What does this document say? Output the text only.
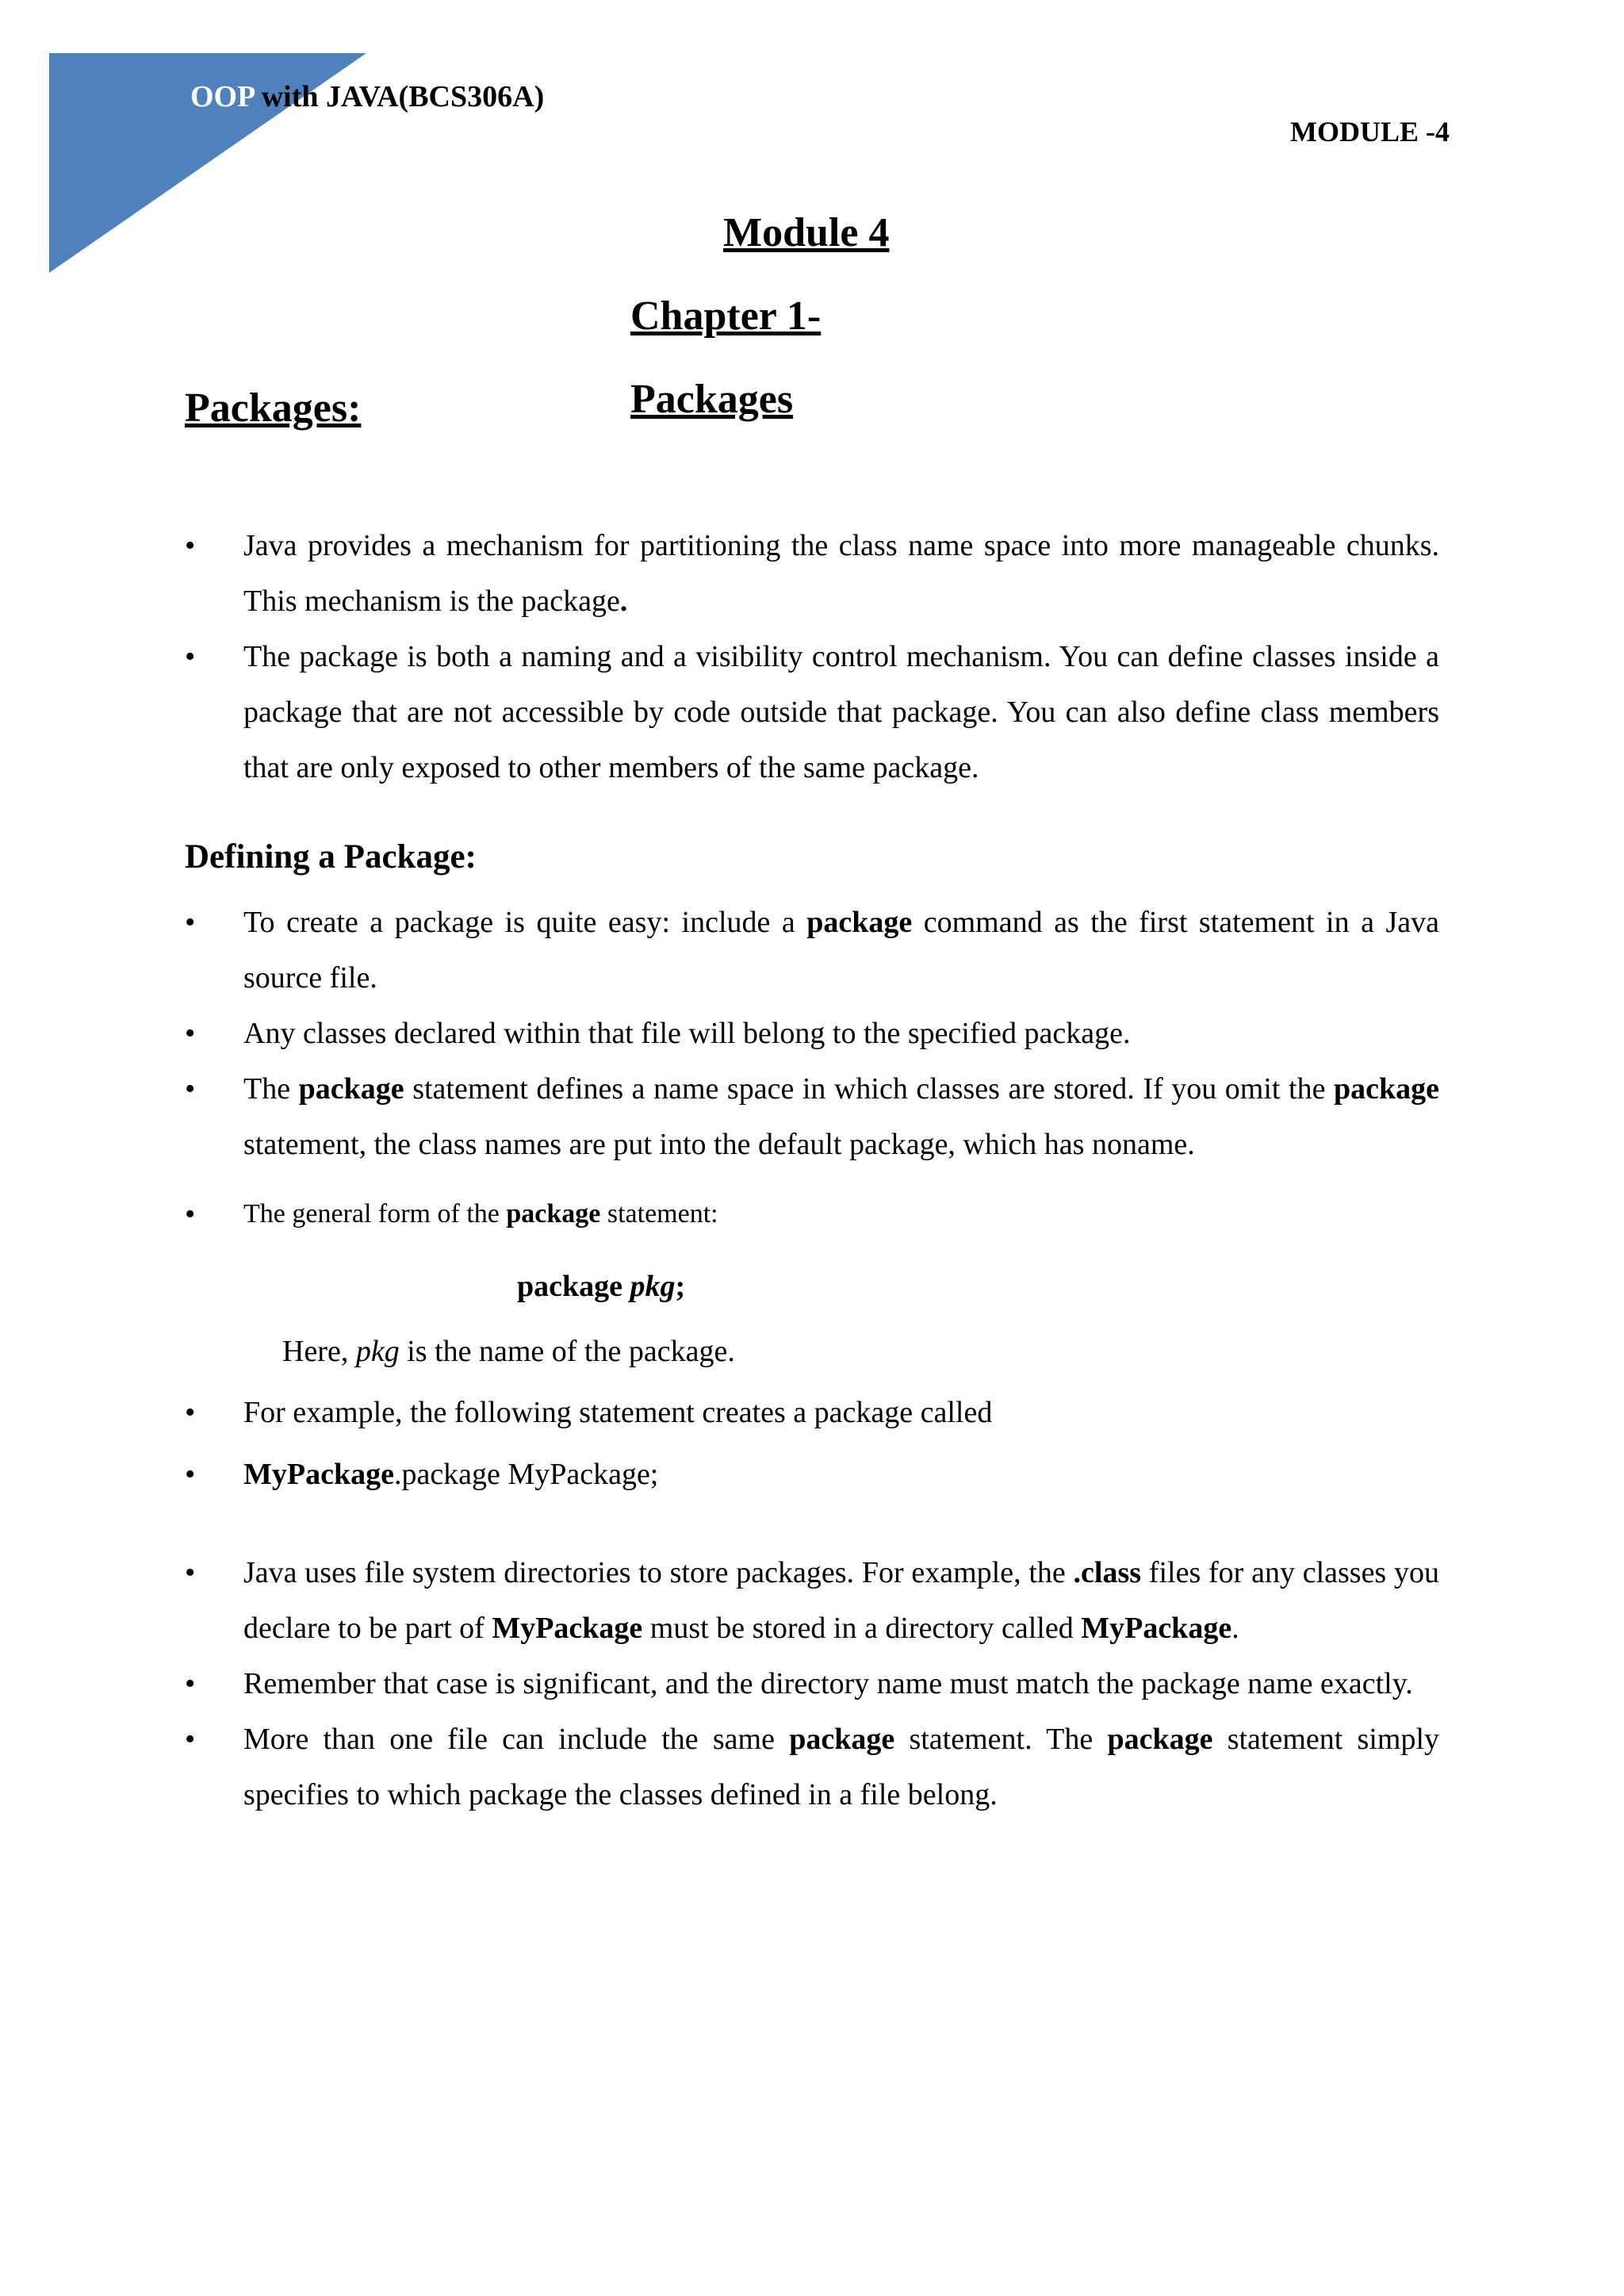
OOP with JAVA(BCS306A)
MODULE -4
Module 4
Chapter 1-
Packages
Packages:
• Java provides a mechanism for partitioning the class name space into more manageable chunks. This mechanism is the package.
• The package is both a naming and a visibility control mechanism. You can define classes inside a package that are not accessible by code outside that package. You can also define class members that are only exposed to other members of the same package.
Defining a Package:
• To create a package is quite easy: include a package command as the first statement in a Java source file.
• Any classes declared within that file will belong to the specified package.
• The package statement defines a name space in which classes are stored. If you omit the package statement, the class names are put into the default package, which has noname.
• The general form of the package statement:
package pkg;
Here, pkg is the name of the package.
• For example, the following statement creates a package called
• MyPackage.package MyPackage;
• Java uses file system directories to store packages. For example, the .class files for any classes you declare to be part of MyPackage must be stored in a directory called MyPackage.
• Remember that case is significant, and the directory name must match the package name exactly.
• More than one file can include the same package statement. The package statement simply specifies to which package the classes defined in a file belong.
